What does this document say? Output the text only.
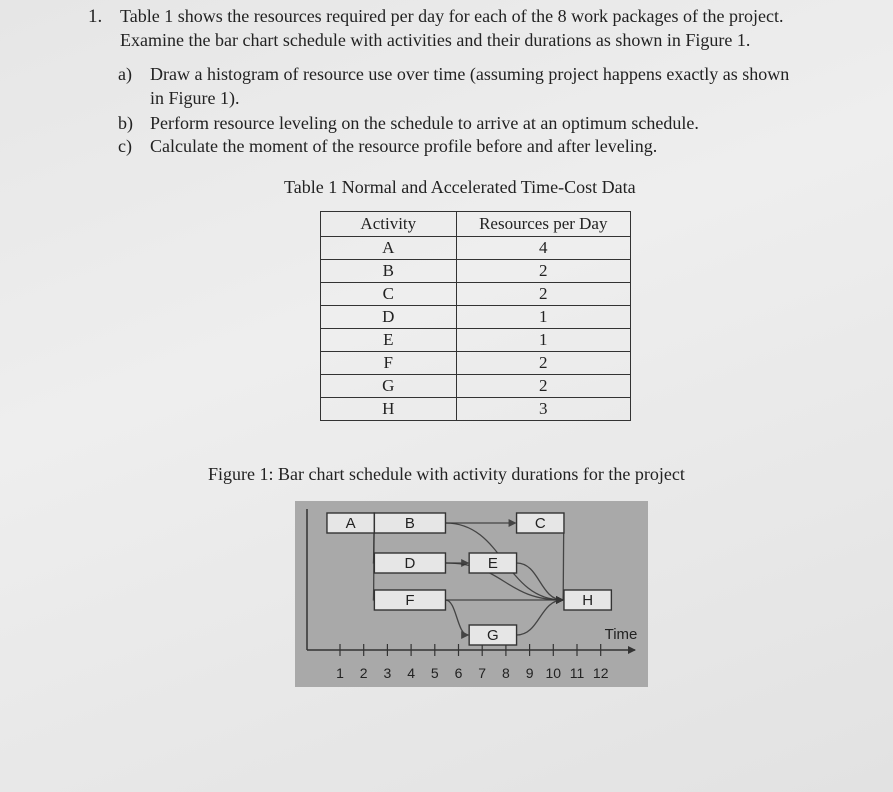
1. Table 1 shows the resources required per day for each of the 8 work packages of the project.
Examine the bar chart schedule with activities and their durations as shown in Figure 1.
a) Draw a histogram of resource use over time (assuming project happens exactly as shown
in Figure 1).
b) Perform resource leveling on the schedule to arrive at an optimum schedule.
c) Calculate the moment of the resource profile before and after leveling.
Table 1 Normal and Accelerated Time-Cost Data
Activity	Resources per Day
A	4
B	2
C	2
D	1
E	1
F	2
G	2
H	3
Figure 1: Bar chart schedule with activity durations for the project
1 2 3 4 5 6 7 8 9 10 11 12
Time
A	B	C
D	E
F
G
H
